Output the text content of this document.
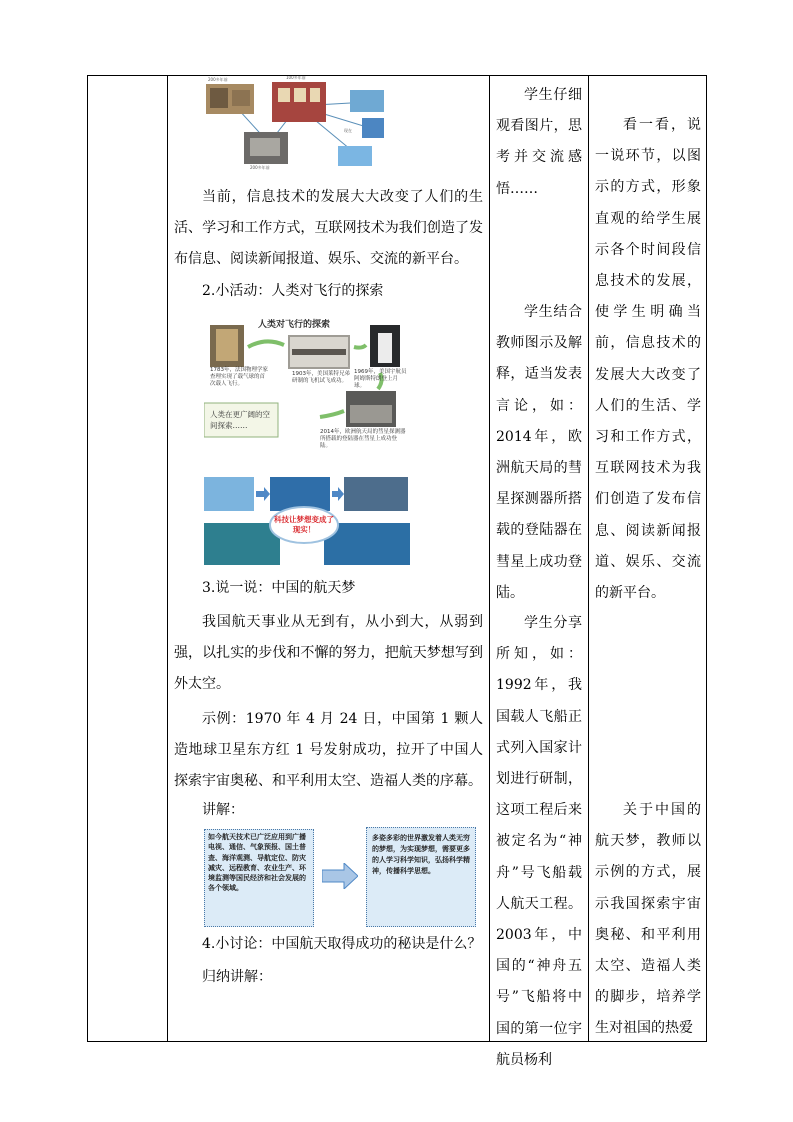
200多年前	100多年前
200多年前
现在

当前，信息技术的发展大大改变了人们的生活、学习和工作方式，互联网技术为我们创造了发布信息、阅读新闻报道、娱乐、交流的新平台。

2.小活动：人类对飞行的探索

人类对飞行的探索
1783年，法国物理学家查理实现了载气球的首次载人飞行。
1903年，美国莱特兄弟研制的飞机试飞成功。
1969年，美国宇航员阿姆斯特朗登上月球。
2014年，欧洲航天局的彗星探测器所搭载的登陆器在彗星上成功登陆。
人类在更广阔的空间探索……
科技让梦想变成了现实！

3.说一说：中国的航天梦

我国航天事业从无到有，从小到大，从弱到强，以扎实的步伐和不懈的努力，把航天梦想写到外太空。

示例：1970 年 4 月 24 日，中国第 1 颗人造地球卫星东方红 1 号发射成功，拉开了中国人探索宇宙奥秘、和平利用太空、造福人类的序幕。

讲解：

如今航天技术已广泛应用到广播电视、通信、气象预报、国土普查、海洋观测、导航定位、防灾减灾、远程教育、农业生产、环境监测等国民经济和社会发展的各个领域。
多姿多彩的世界激发着人类无穷的梦想，为实现梦想，需要更多的人学习科学知识，弘扬科学精神，传播科学思想。

4.小讨论：中国航天取得成功的秘诀是什么？

归纳讲解：

学生仔细观看图片，思考并交流感悟……

学生结合教师图示及解释，适当发表言论，如：2014年，欧洲航天局的彗星探测器所搭载的登陆器在彗星上成功登陆。

学生分享所知，如：1992年，我国载人飞船正式列入国家计划进行研制，这项工程后来被定名为“神舟”号飞船载人航天工程。2003年，中国的“神舟五号”飞船将中国的第一位宇航员杨利

看一看，说一说环节，以图示的方式，形象直观的给学生展示各个时间段信息技术的发展，使学生明确当前，信息技术的发展大大改变了人们的生活、学习和工作方式，互联网技术为我们创造了发布信息、阅读新闻报道、娱乐、交流的新平台。

关于中国的航天梦，教师以示例的方式，展示我国探索宇宙奥秘、和平利用太空、造福人类的脚步，培养学生对祖国的热爱
